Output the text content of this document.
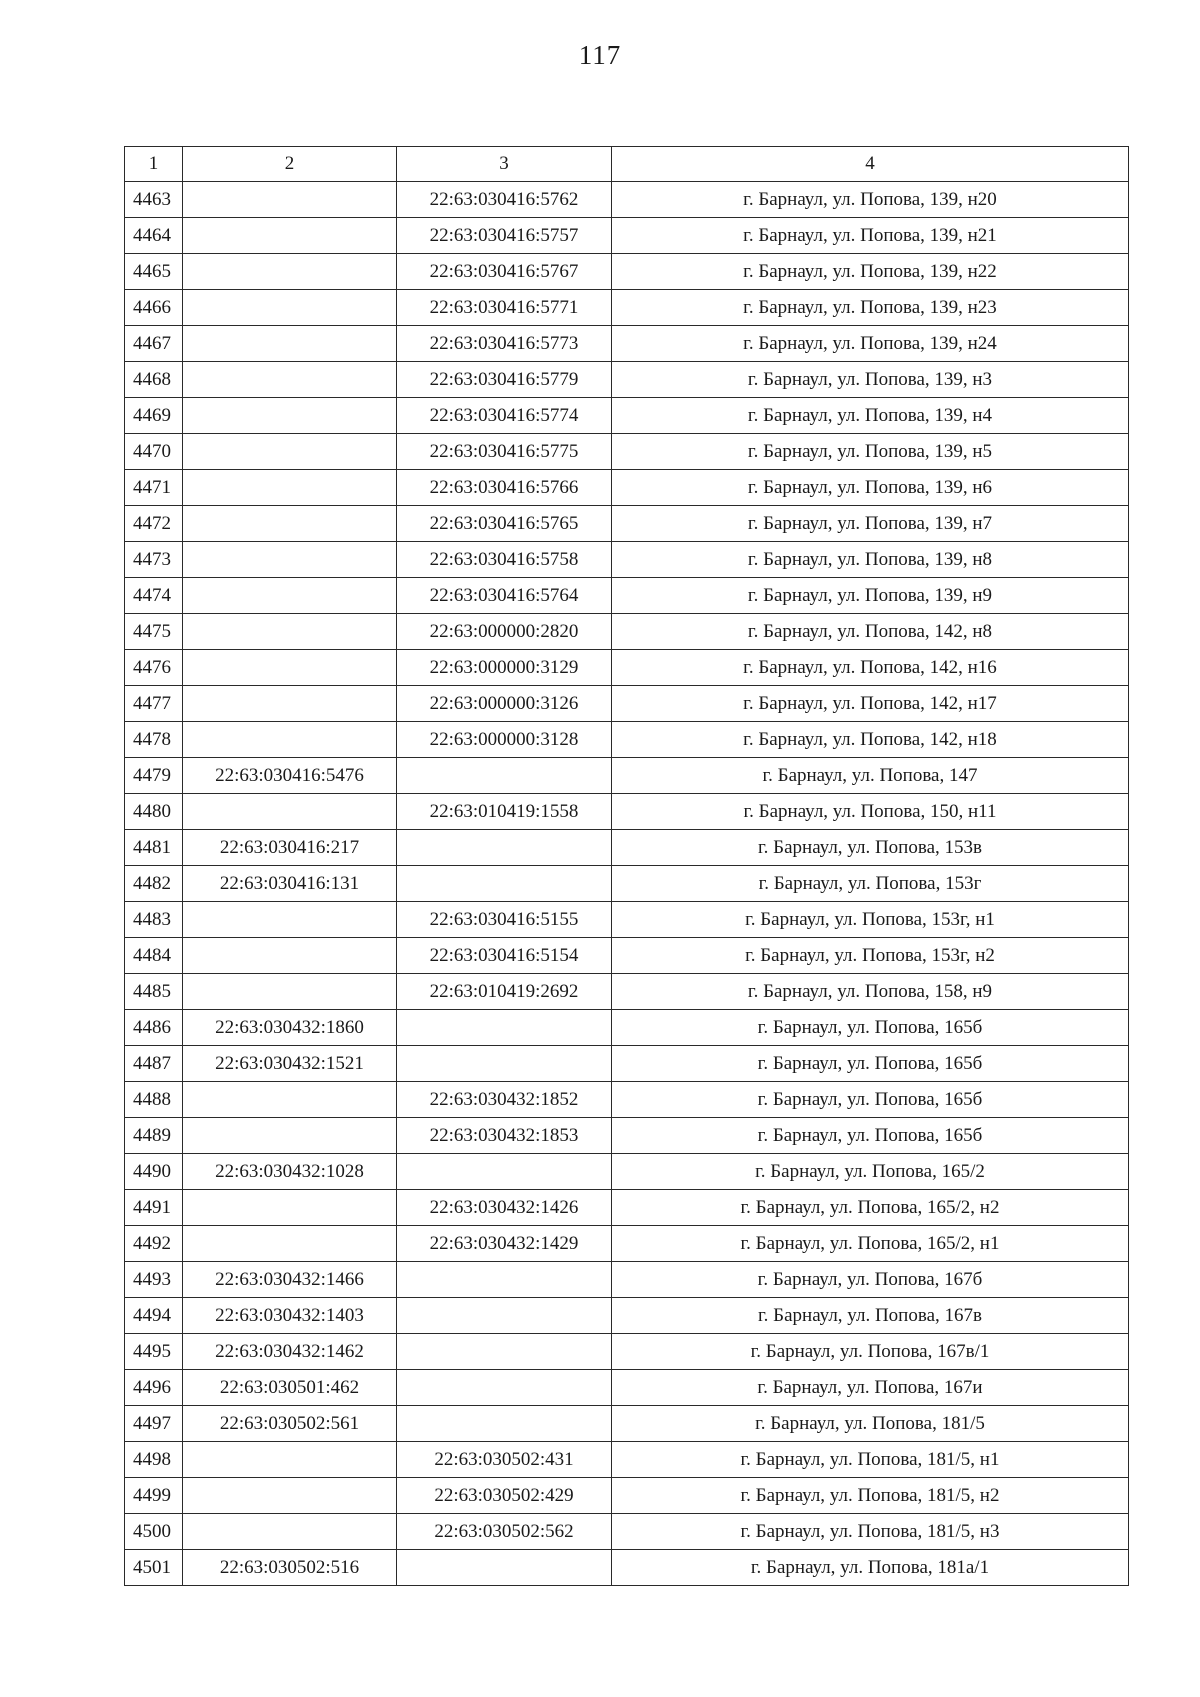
117
1	2	3	4
4463		22:63:030416:5762	г. Барнаул, ул. Попова, 139, н20
4464		22:63:030416:5757	г. Барнаул, ул. Попова, 139, н21
4465		22:63:030416:5767	г. Барнаул, ул. Попова, 139, н22
4466		22:63:030416:5771	г. Барнаул, ул. Попова, 139, н23
4467		22:63:030416:5773	г. Барнаул, ул. Попова, 139, н24
4468		22:63:030416:5779	г. Барнаул, ул. Попова, 139, н3
4469		22:63:030416:5774	г. Барнаул, ул. Попова, 139, н4
4470		22:63:030416:5775	г. Барнаул, ул. Попова, 139, н5
4471		22:63:030416:5766	г. Барнаул, ул. Попова, 139, н6
4472		22:63:030416:5765	г. Барнаул, ул. Попова, 139, н7
4473		22:63:030416:5758	г. Барнаул, ул. Попова, 139, н8
4474		22:63:030416:5764	г. Барнаул, ул. Попова, 139, н9
4475		22:63:000000:2820	г. Барнаул, ул. Попова, 142, н8
4476		22:63:000000:3129	г. Барнаул, ул. Попова, 142, н16
4477		22:63:000000:3126	г. Барнаул, ул. Попова, 142, н17
4478		22:63:000000:3128	г. Барнаул, ул. Попова, 142, н18
4479	22:63:030416:5476		г. Барнаул, ул. Попова, 147
4480		22:63:010419:1558	г. Барнаул, ул. Попова, 150, н11
4481	22:63:030416:217		г. Барнаул, ул. Попова, 153в
4482	22:63:030416:131		г. Барнаул, ул. Попова, 153г
4483		22:63:030416:5155	г. Барнаул, ул. Попова, 153г, н1
4484		22:63:030416:5154	г. Барнаул, ул. Попова, 153г, н2
4485		22:63:010419:2692	г. Барнаул, ул. Попова, 158, н9
4486	22:63:030432:1860		г. Барнаул, ул. Попова, 165б
4487	22:63:030432:1521		г. Барнаул, ул. Попова, 165б
4488		22:63:030432:1852	г. Барнаул, ул. Попова, 165б
4489		22:63:030432:1853	г. Барнаул, ул. Попова, 165б
4490	22:63:030432:1028		г. Барнаул, ул. Попова, 165/2
4491		22:63:030432:1426	г. Барнаул, ул. Попова, 165/2, н2
4492		22:63:030432:1429	г. Барнаул, ул. Попова, 165/2, н1
4493	22:63:030432:1466		г. Барнаул, ул. Попова, 167б
4494	22:63:030432:1403		г. Барнаул, ул. Попова, 167в
4495	22:63:030432:1462		г. Барнаул, ул. Попова, 167в/1
4496	22:63:030501:462		г. Барнаул, ул. Попова, 167и
4497	22:63:030502:561		г. Барнаул, ул. Попова, 181/5
4498		22:63:030502:431	г. Барнаул, ул. Попова, 181/5, н1
4499		22:63:030502:429	г. Барнаул, ул. Попова, 181/5, н2
4500		22:63:030502:562	г. Барнаул, ул. Попова, 181/5, н3
4501	22:63:030502:516		г. Барнаул, ул. Попова, 181а/1
